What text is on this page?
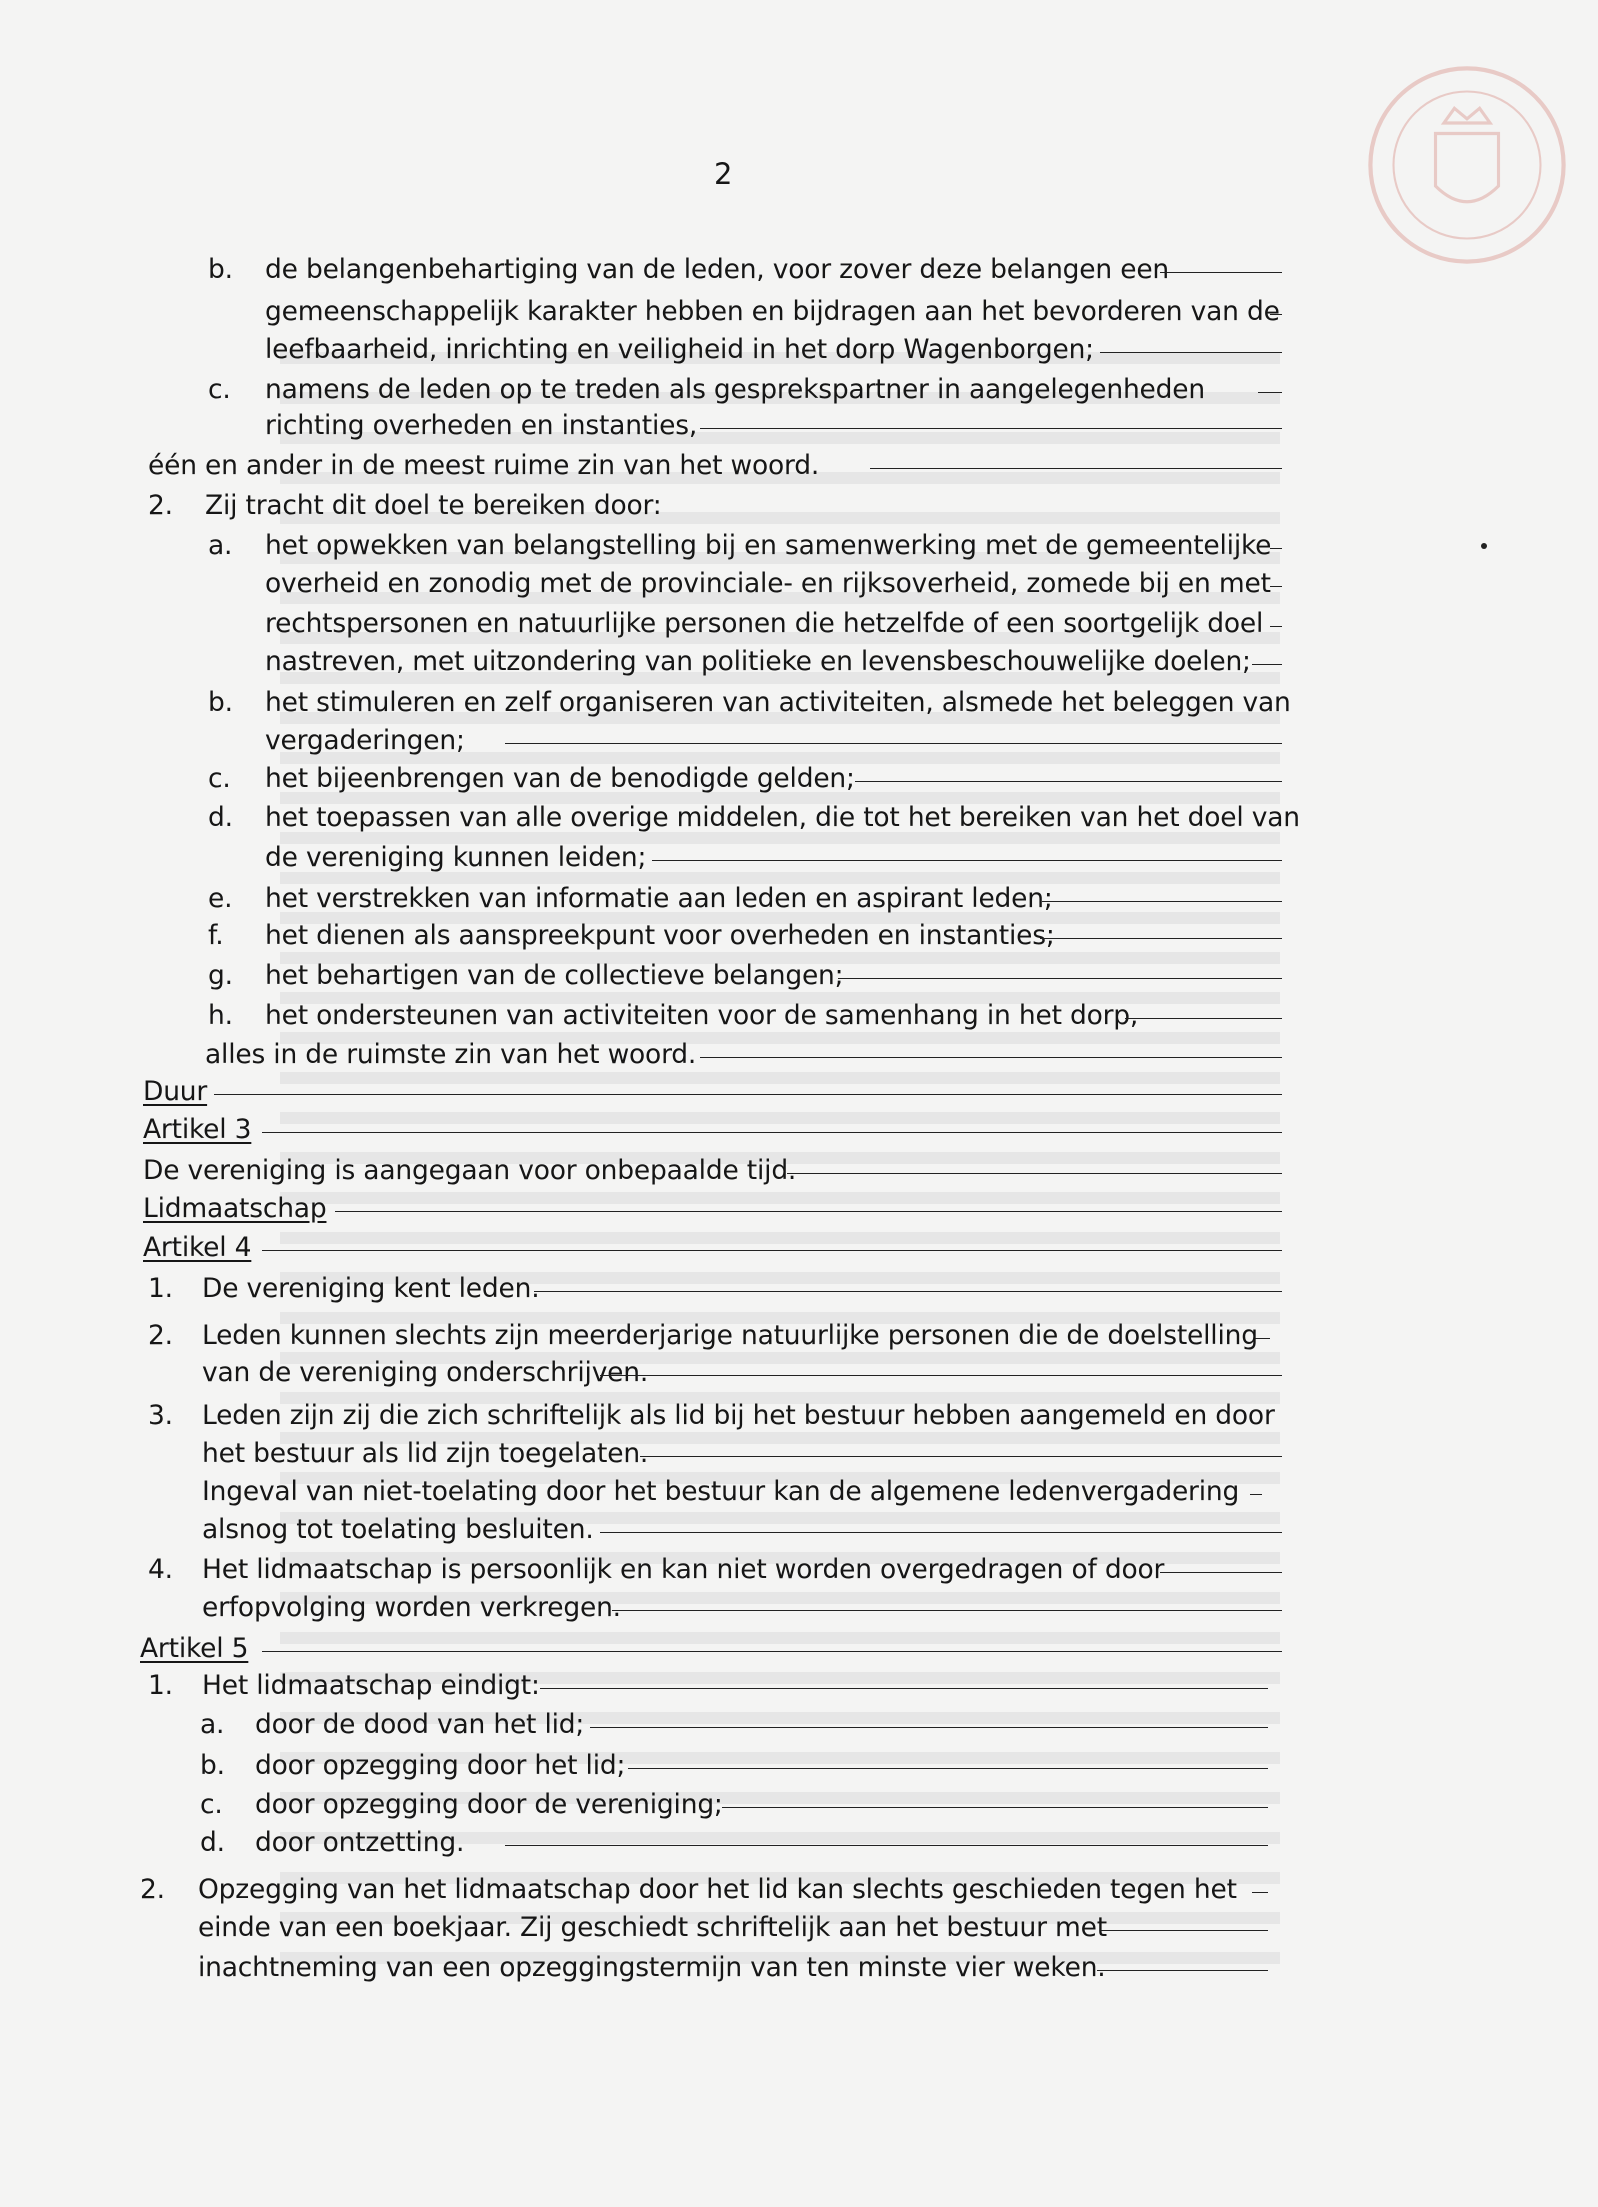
2
b. de belangenbehartiging van de leden, voor zover deze belangen een
gemeenschappelijk karakter hebben en bijdragen aan het bevorderen van de
leefbaarheid, inrichting en veiligheid in het dorp Wagenborgen;
c. namens de leden op te treden als gesprekspartner in aangelegenheden
richting overheden en instanties,
één en ander in de meest ruime zin van het woord.
2. Zij tracht dit doel te bereiken door:
a. het opwekken van belangstelling bij en samenwerking met de gemeentelijke
overheid en zonodig met de provinciale- en rijksoverheid, zomede bij en met
rechtspersonen en natuurlijke personen die hetzelfde of een soortgelijk doel
nastreven, met uitzondering van politieke en levensbeschouwelijke doelen;
b. het stimuleren en zelf organiseren van activiteiten, alsmede het beleggen van
vergaderingen;
c. het bijeenbrengen van de benodigde gelden;
d. het toepassen van alle overige middelen, die tot het bereiken van het doel van
de vereniging kunnen leiden;
e. het verstrekken van informatie aan leden en aspirant leden;
f. het dienen als aanspreekpunt voor overheden en instanties;
g. het behartigen van de collectieve belangen;
h. het ondersteunen van activiteiten voor de samenhang in het dorp,
alles in de ruimste zin van het woord.
Duur
Artikel 3
De vereniging is aangegaan voor onbepaalde tijd.
Lidmaatschap
Artikel 4
1. De vereniging kent leden.
2. Leden kunnen slechts zijn meerderjarige natuurlijke personen die de doelstelling
van de vereniging onderschrijven.
3. Leden zijn zij die zich schriftelijk als lid bij het bestuur hebben aangemeld en door
het bestuur als lid zijn toegelaten.
Ingeval van niet-toelating door het bestuur kan de algemene ledenvergadering
alsnog tot toelating besluiten.
4. Het lidmaatschap is persoonlijk en kan niet worden overgedragen of door
erfopvolging worden verkregen.
Artikel 5
1. Het lidmaatschap eindigt:
a. door de dood van het lid;
b. door opzegging door het lid;
c. door opzegging door de vereniging;
d. door ontzetting.
2. Opzegging van het lidmaatschap door het lid kan slechts geschieden tegen het
einde van een boekjaar. Zij geschiedt schriftelijk aan het bestuur met
inachtneming van een opzeggingstermijn van ten minste vier weken.
